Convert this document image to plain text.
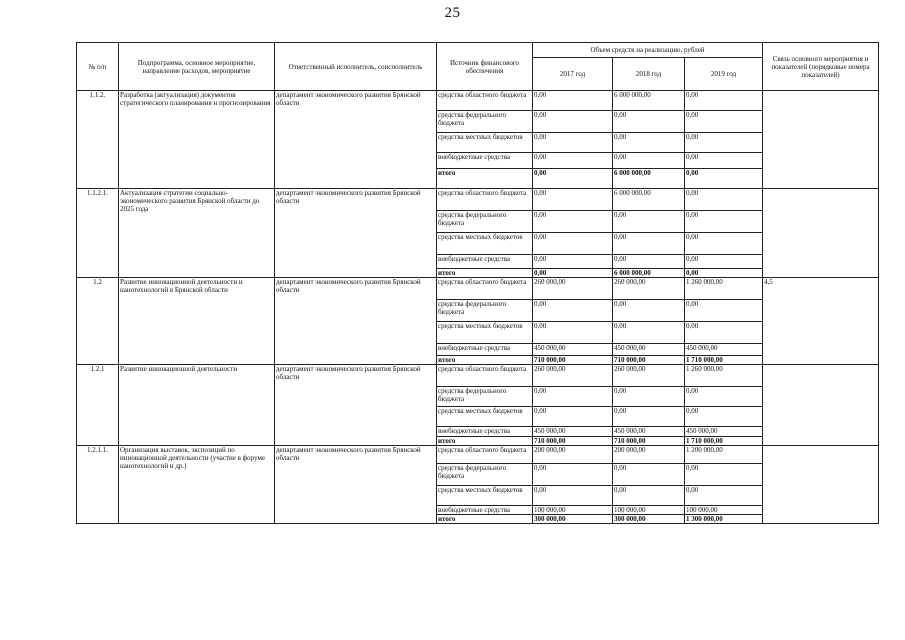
25
№ п/п	Подпрограмма, основное мероприятие, направление расходов, мероприятие	Ответственный исполнитель, соисполнитель	Источник финансового обеспечения	Объем средств на реализацию, рублей			Связь основного мероприятия и показателей (порядковые номера показателей)
				2017 год	2018 год	2019 год	
1.1.2.	Разработка (актуализация) документов стратегического планирования и прогнозирования	департамент экономического развития Брянской области	средства областного бюджета	0,00	6 000 000,00	0,00	
			средства федерального бюджета	0,00	0,00	0,00	
			средства местных бюджетов	0,00	0,00	0,00	
			внебюджетные средства	0,00	0,00	0,00	
			итого	0,00	6 000 000,00	0,00	
1.1.2.1.	Актуализация стратегии социально-экономического развития Брянской области до 2025 года	департамент экономического развития Брянской области	средства областного бюджета	0,00	6 000 000,00	0,00	
			средства федерального бюджета	0,00	0,00	0,00	
			средства местных бюджетов	0,00	0,00	0,00	
			внебюджетные средства	0,00	0,00	0,00	
			итого	0,00	6 000 000,00	0,00	
1.2	Развитие инновационной деятельности и нанотехнологий в Брянской области	департамент экономического развития Брянской области	средства областного бюджета	260 000,00	260 000,00	1 260 000,00	4,5
			средства федерального бюджета	0,00	0,00	0,00	
			средства местных бюджетов	0,00	0,00	0,00	
			внебюджетные средства	450 000,00	450 000,00	450 000,00	
			итого	710 000,00	710 000,00	1 710 000,00	
1.2.1	Развитие инновационной деятельности	департамент экономического развития Брянской области	средства областного бюджета	260 000,00	260 000,00	1 260 000,00	
			средства федерального бюджета	0,00	0,00	0,00	
			средства местных бюджетов	0,00	0,00	0,00	
			внебюджетные средства	450 000,00	450 000,00	450 000,00	
			итого	710 000,00	710 000,00	1 710 000,00	
1.2.1.1.	Организация выставок, экспозиций по инновационной деятельности (участие в форуме нанотехнологий и др.)	департамент экономического развития Брянской области	средства областного бюджета	200 000,00	200 000,00	1 200 000,00	
			средства федерального бюджета	0,00	0,00	0,00	
			средства местных бюджетов	0,00	0,00	0,00	
			внебюджетные средства	100 000,00	100 000,00	100 000,00	
			итого	300 000,00	300 000,00	1 300 000,00	
